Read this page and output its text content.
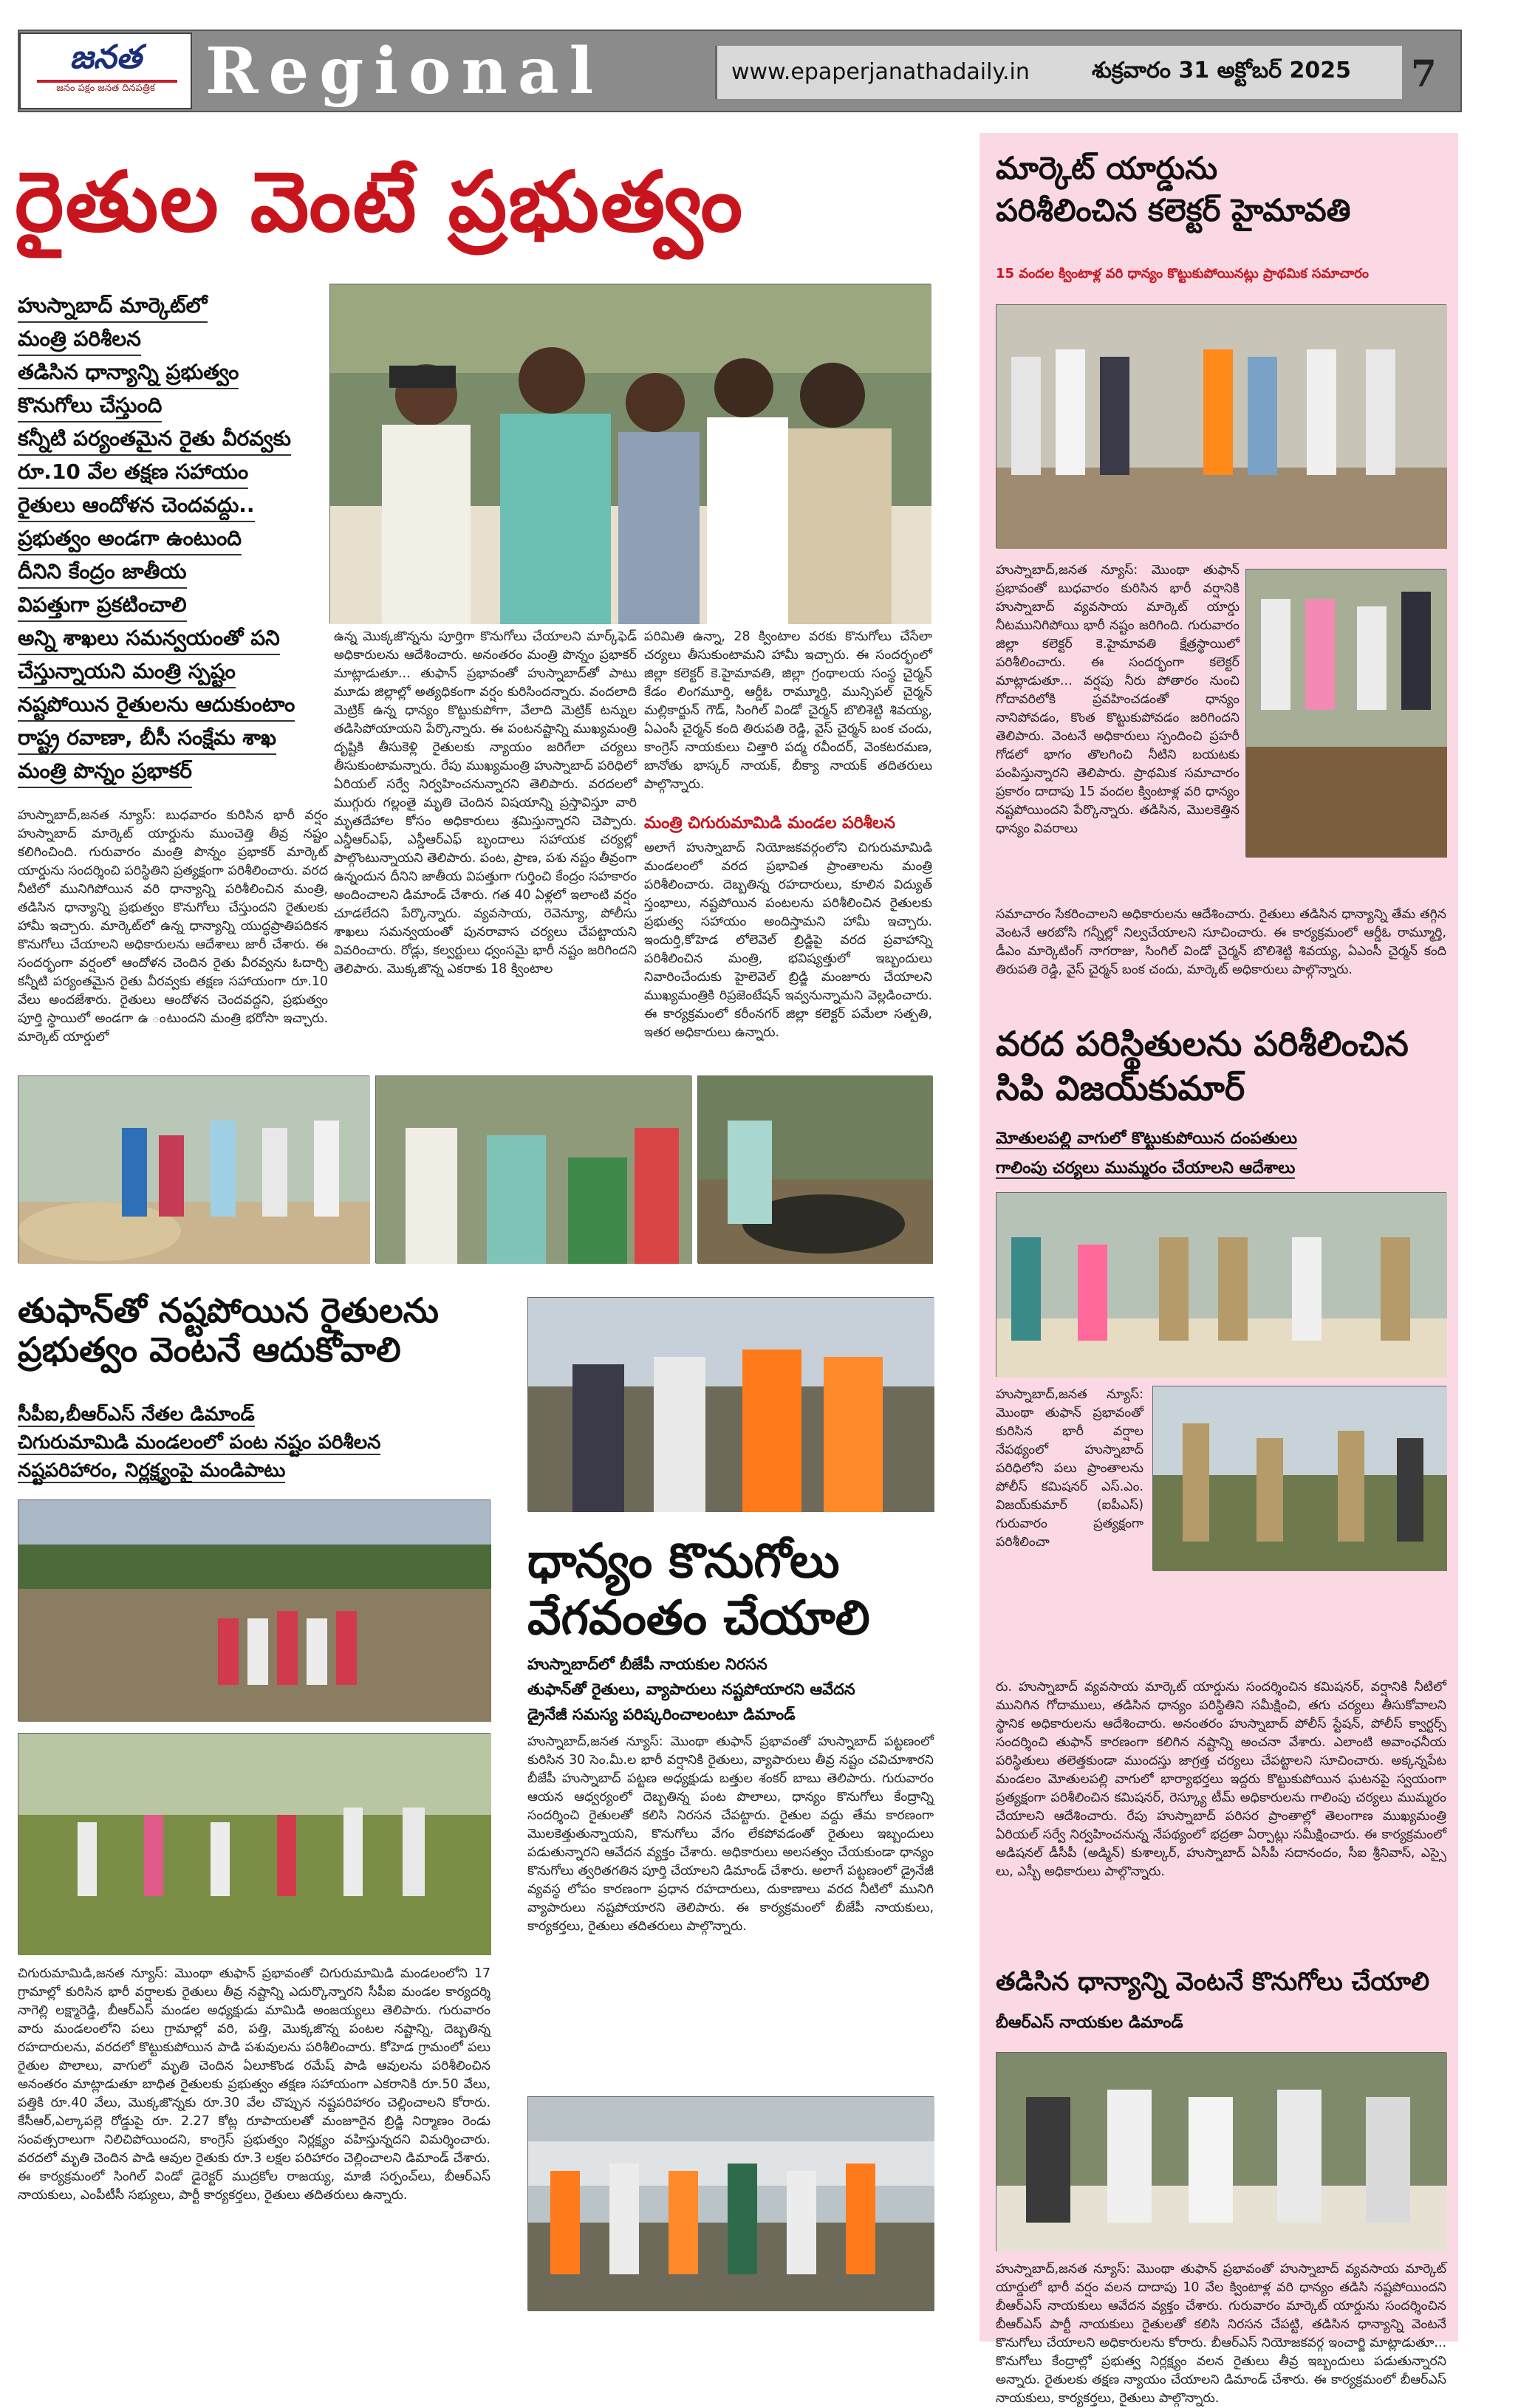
జనత
జనం పక్షం జనత దినపత్రిక Regional	www.epaperjanathadaily.in	శుక్రవారం 31 అక్టోబర్ 2025 7
రైతుల వెంటే ప్రభుత్వం
హుస్నాబాద్ మార్కెట్‌లో
మంత్రి పరిశీలన
తడిసిన ధాన్యాన్ని ప్రభుత్వం
కొనుగోలు చేస్తుంది
కన్నీటి పర్యంతమైన రైతు వీరవ్వకు
రూ.10 వేల తక్షణ సహాయం
రైతులు ఆందోళన చెందవద్దు..
ప్రభుత్వం అండగా ఉంటుంది
దీనిని కేంద్రం జాతీయ
విపత్తుగా ప్రకటించాలి
అన్ని శాఖలు సమన్వయంతో పని
చేస్తున్నాయని మంత్రి స్పష్టం
నష్టపోయిన రైతులను ఆదుకుంటాం
రాష్ట్ర రవాణా, బీసీ సంక్షేమ శాఖ
మంత్రి పొన్నం ప్రభాకర్
హుస్నాబాద్,జనత న్యూస్: బుధవారం కురిసిన భారీ వర్షం హుస్నాబాద్ మార్కెట్ యార్డును ముంచెత్తి తీవ్ర నష్టం కలిగించింది. గురువారం మంత్రి పొన్నం ప్రభాకర్ మార్కెట్ యార్డును సందర్శించి పరిస్థితిని ప్రత్యక్షంగా పరిశీలించారు. వరద నీటిలో మునిగిపోయిన వరి ధాన్యాన్ని పరిశీలించిన మంత్రి, తడిసిన ధాన్యాన్ని ప్రభుత్వం కొనుగోలు చేస్తుందని రైతులకు హామీ ఇచ్చారు. మార్కెట్‌లో ఉన్న ధాన్యాన్ని యుద్ధప్రాతిపదికన కొనుగోలు చేయాలని అధికారులను ఆదేశాలు జారీ చేశారు. ఈ సందర్భంగా వర్షంలో ఆందోళన చెందిన రైతు వీరవ్వను ఓదార్చి కన్నీటి పర్యంతమైన రైతు వీరవ్వకు తక్షణ సహాయంగా రూ.10 వేలు అందజేశారు. రైతులు ఆందోళన చెందవద్దని, ప్రభుత్వం పూర్తి స్థాయిలో అండగా ఉ ంటుందని మంత్రి భరోసా ఇచ్చారు. మార్కెట్ యార్డులో
ఉన్న మొక్కజొన్నను పూర్తిగా కొనుగోలు చేయాలని మార్క్‌ఫెడ్ అధికారులను ఆదేశించారు. అనంతరం మంత్రి పొన్నం ప్రభాకర్ మాట్లాడుతూ... తుఫాన్ ప్రభావంతో హుస్నాబాద్‌తో పాటు మూడు జిల్లాల్లో అత్యధికంగా వర్షం కురిసిందన్నారు. వందలాది మెట్రిక్ ఉన్న ధాన్యం కొట్టుకుపోగా, వేలాది మెట్రిక్ టన్నుల తడిసిపోయాయని పేర్కొన్నారు. ఈ పంటనష్టాన్ని ముఖ్యమంత్రి దృష్టికి తీసుకెళ్లి రైతులకు న్యాయం జరిగేలా చర్యలు తీసుకుంటామన్నారు. రేపు ముఖ్యమంత్రి హుస్నాబాద్ పరిధిలో ఏరియల్ సర్వే నిర్వహించనున్నారని తెలిపారు. వరదలలో ముగ్గురు గల్లంతై మృతి చెందిన విషయాన్ని ప్రస్తావిస్తూ వారి మృతదేహాల కోసం అధికారులు శ్రమిస్తున్నారని చెప్పారు. ఎన్డీఆర్ఎఫ్, ఎస్డీఆర్ఎఫ్ బృందాలు సహాయక చర్యల్లో పాల్గొంటున్నాయని తెలిపారు. పంట, ప్రాణ, పశు నష్టం తీవ్రంగా ఉన్నందున దీనిని జాతీయ విపత్తుగా గుర్తించి కేంద్రం సహకారం అందించాలని డిమాండ్ చేశారు. గత 40 ఏళ్లలో ఇలాంటి వర్షం చూడలేదని పేర్కొన్నారు. వ్యవసాయ, రెవెన్యూ, పోలీసు శాఖలు సమన్వయంతో పునరావాస చర్యలు చేపట్టాయని వివరించారు. రోడ్లు, కల్వర్టులు ధ్వంసమై భారీ నష్టం జరిగిందని తెలిపారు. మొక్కజొన్న ఎకరాకు 18 క్వింటాల
పరిమితి ఉన్నా, 28 క్వింటాల వరకు కొనుగోలు చేసేలా చర్యలు తీసుకుంటామని హామీ ఇచ్చారు. ఈ సందర్భంలో జిల్లా కలెక్టర్ కె.హైమావతి, జిల్లా గ్రంథాలయ సంస్థ చైర్మన్ కేడం లింగమూర్తి, ఆర్డీఓ రామ్మూర్తి, మున్సిపల్ చైర్మన్ మల్లికార్జున్ గౌడ్, సింగిల్ విండో చైర్మన్ బొలిశెట్టి శివయ్య, ఏఎంసీ చైర్మన్ కంది తిరుపతి రెడ్డి, వైస్ చైర్మన్ బంక చందు, కాంగ్రెస్ నాయకులు చిత్తారి పద్మ రవీందర్, వెంకటరమణ, బానోతు భాస్కర్ నాయక్, బీక్యా నాయక్ తదితరులు పాల్గొన్నారు.
మంత్రి చిగురుమామిడి మండల పరిశీలన
అలాగే హుస్నాబాద్ నియోజకవర్గంలోని చిగురుమామిడి మండలంలో వరద ప్రభావిత ప్రాంతాలను మంత్రి పరిశీలించారు. దెబ్బతిన్న రహదారులు, కూలిన విద్యుత్ స్తంభాలు, నష్టపోయిన పంటలను పరిశీలించిన రైతులకు ప్రభుత్వ సహాయం అందిస్తామని హామీ ఇచ్చారు. ఇందుర్తి,కోహెడ లోలెవెల్ బ్రిడ్జిపై వరద ప్రవాహాన్ని పరిశీలించిన మంత్రి, భవిష్యత్తులో ఇబ్బందులు నివారించేందుకు హైలెవెల్ బ్రిడ్జి మంజూరు చేయాలని ముఖ్యమంత్రికి రిప్రజెంటేషన్ ఇవ్వనున్నామని వెల్లడించారు. ఈ కార్యక్రమంలో కరీంనగర్ జిల్లా కలెక్టర్ పమేలా సత్పతి, ఇతర అధికారులు ఉన్నారు.
తుఫాన్‌తో నష్టపోయిన రైతులను
ప్రభుత్వం వెంటనే ఆదుకోవాలి
సీపీఐ,బీఆర్ఎస్ నేతల డిమాండ్
చిగురుమామిడి మండలంలో పంట నష్టం పరిశీలన
నష్టపరిహారం, నిర్లక్ష్యంపై మండిపాటు
చిగురుమామిడి,జనత న్యూస్: మొంథా తుఫాన్ ప్రభావంతో చిగురుమామిడి మండలంలోని 17 గ్రామాల్లో కురిసిన భారీ వర్షాలకు రైతులు తీవ్ర నష్టాన్ని ఎదుర్కొన్నారని సీపీఐ మండల కార్యదర్శి నాగెల్లి లక్ష్మారెడ్డి, బీఆర్ఎస్ మండల అధ్యక్షుడు మామిడి అంజయ్యలు తెలిపారు. గురువారం వారు మండలంలోని పలు గ్రామాల్లో వరి, పత్తి, మొక్కజొన్న పంటల నష్టాన్ని, దెబ్బతిన్న రహదారులను, వరదలో కొట్టుకుపోయిన పాడి పశువులను పరిశీలించారు. కోహెడ గ్రామంలో పలు రైతుల పొలాలు, వాగులో మృతి చెందిన ఏలూకొండ రమేష్ పాడి ఆవులను పరిశీలించిన అనంతరం మాట్లాడుతూ బాధిత రైతులకు ప్రభుత్వం తక్షణ సహాయంగా ఎకరానికి రూ.50 వేలు, పత్తికి రూ.40 వేలు, మొక్కజొన్నకు రూ.30 వేల చొప్పున నష్టపరిహారం చెల్లించాలని కోరారు. కేసీఆర్,ఎల్కాపల్లె రోడ్డుపై రూ. 2.27 కోట్ల రూపాయలతో మంజూరైన బ్రిడ్జి నిర్మాణం రెండు సంవత్సరాలుగా నిలిచిపోయిందని, కాంగ్రెస్ ప్రభుత్వం నిర్లక్ష్యం వహిస్తున్నదని విమర్శించారు. వరదలో మృతి చెందిన పాడి ఆవుల రైతుకు రూ.3 లక్షల పరిహారం చెల్లించాలని డిమాండ్ చేశారు. ఈ కార్యక్రమంలో సింగిల్ విండో డైరెక్టర్ ముద్రకోల రాజయ్య, మాజీ సర్పంచ్‌లు, బీఆర్ఎస్ నాయకులు, ఎంపీటీసీ సభ్యులు, పార్టీ కార్యకర్తలు, రైతులు తదితరులు ఉన్నారు.
ధాన్యం కొనుగోలు
వేగవంతం చేయాలి
హుస్నాబాద్‌లో బీజేపీ నాయకుల నిరసన
తుఫాన్‌తో రైతులు, వ్యాపారులు నష్టపోయారని ఆవేదన
డ్రైనేజీ సమస్య పరిష్కరించాలంటూ డిమాండ్
హుస్నాబాద్,జనత న్యూస్: మొంథా తుఫాన్ ప్రభావంతో హుస్నాబాద్ పట్టణంలో కురిసిన 30 సెం.మీ.ల భారీ వర్షానికి రైతులు, వ్యాపారులు తీవ్ర నష్టం చవిచూశారని బీజేపీ హుస్నాబాద్ పట్టణ అధ్యక్షుడు బత్తుల శంకర్ బాబు తెలిపారు. గురువారం ఆయన ఆధ్వర్యంలో దెబ్బతిన్న పంట పొలాలు, ధాన్యం కొనుగోలు కేంద్రాన్ని సందర్శించి రైతులతో కలిసి నిరసన చేపట్టారు. రైతుల వద్దు తేమ కారణంగా మొలకెత్తుతున్నాయని, కొనుగోలు వేగం లేకపోవడంతో రైతులు ఇబ్బందులు పడుతున్నారని ఆవేదన వ్యక్తం చేశారు. అధికారులు అలసత్వం చేయకుండా ధాన్యం కొనుగోలు త్వరితగతిన పూర్తి చేయాలని డిమాండ్ చేశారు. అలాగే పట్టణంలో డ్రైనేజీ వ్యవస్థ లోపం కారణంగా ప్రధాన రహదారులు, దుకాణాలు వరద నీటిలో మునిగి వ్యాపారులు నష్టపోయారని తెలిపారు. ఈ కార్యక్రమంలో బీజేపీ నాయకులు, కార్యకర్తలు, రైతులు తదితరులు పాల్గొన్నారు.
మార్కెట్ యార్డును
పరిశీలించిన కలెక్టర్ హైమావతి
15 వందల క్వింటాళ్ల వరి ధాన్యం కొట్టుకుపోయినట్లు ప్రాథమిక సమాచారం
హుస్నాబాద్,జనత న్యూస్: మొంథా తుఫాన్ ప్రభావంతో బుధవారం కురిసిన భారీ వర్షానికి హుస్నాబాద్ వ్యవసాయ మార్కెట్ యార్డు నీటమునిగిపోయి భారీ నష్టం జరిగింది. గురువారం జిల్లా కలెక్టర్ కె.హైమావతి క్షేత్రస్థాయిలో పరిశీలించారు. ఈ సందర్భంగా కలెక్టర్ మాట్లాడుతూ... వర్షపు నీరు పోతారం నుంచి గోదావరిలోకి ప్రవహించడంతో ధాన్యం నానిపోవడం, కొంత కొట్టుకుపోవడం జరిగిందని తెలిపారు. వెంటనే అధికారులు స్పందించి ప్రహరీ గోడలో భాగం తొలగించి నీటిని బయటకు పంపిస్తున్నారని తెలిపారు. ప్రాథమిక సమాచారం ప్రకారం దాదాపు 15 వందల క్వింటాళ్ల వరి ధాన్యం నష్టపోయిందని పేర్కొన్నారు. తడిసిన, మొలకెత్తిన ధాన్యం వివరాలు
సమాచారం సేకరించాలని అధికారులను ఆదేశించారు. రైతులు తడిసిన ధాన్యాన్ని తేమ తగ్గిన వెంటనే ఆరబోసి గన్నీల్లో నిల్వచేయాలని సూచించారు. ఈ కార్యక్రమంలో ఆర్డీఓ రామ్మూర్తి, డీఎం మార్కెటింగ్ నాగరాజు, సింగిల్ విండో చైర్మన్ బొలిశెట్టి శివయ్య, ఏఎంసీ చైర్మన్ కంది తిరుపతి రెడ్డి, వైస్ చైర్మన్ బంక చందు, మార్కెట్ అధికారులు పాల్గొన్నారు.
వరద పరిస్థితులను పరిశీలించిన
సిపి విజయ్‌కుమార్
మోతులపల్లి వాగులో కొట్టుకుపోయిన దంపతులు
గాలింపు చర్యలు ముమ్మరం చేయాలని ఆదేశాలు
హుస్నాబాద్,జనత న్యూస్: మొంథా తుఫాన్ ప్రభావంతో కురిసిన భారీ వర్షాల నేపథ్యంలో హుస్నాబాద్ పరిధిలోని పలు ప్రాంతాలను పోలీస్ కమిషనర్ ఎస్.ఎం. విజయ్‌కుమార్ (ఐపీఎస్) గురువారం ప్రత్యక్షంగా పరిశీలించా
రు. హుస్నాబాద్ వ్యవసాయ మార్కెట్ యార్డును సందర్శించిన కమిషనర్, వర్షానికి నీటిలో మునిగిన గోదాములు, తడిసిన ధాన్యం పరిస్థితిని సమీక్షించి, తగు చర్యలు తీసుకోవాలని స్థానిక అధికారులను ఆదేశించారు. అనంతరం హుస్నాబాద్ పోలీస్ స్టేషన్, పోలీస్ క్వార్టర్స్ సందర్శించి తుఫాన్ కారణంగా కలిగిన నష్టాన్ని అంచనా వేశారు. ఎలాంటి అవాంఛనీయ పరిస్థితులు తలెత్తకుండా ముందస్తు జాగ్రత్త చర్యలు చేపట్టాలని సూచించారు. అక్కన్నపేట మండలం మోతులపల్లి వాగులో భార్యాభర్తలు ఇద్దరు కొట్టుకుపోయిన ఘటనపై స్వయంగా ప్రత్యక్షంగా పరిశీలించిన కమిషనర్, రెస్క్యూ టీమ్ అధికారులను గాలింపు చర్యలు ముమ్మరం చేయాలని ఆదేశించారు. రేపు హుస్నాబాద్ పరిసర ప్రాంతాల్లో తెలంగాణ ముఖ్యమంత్రి ఏరియల్ సర్వే నిర్వహించనున్న నేపథ్యంలో భద్రతా ఏర్పాట్లు సమీక్షించారు. ఈ కార్యక్రమంలో అడిషనల్ డీసీపీ (అడ్మిన్) కుశాల్కర్, హుస్నాబాద్ ఏసీపీ సదానందం, సీఐ శ్రీనివాస్, ఎస్సై లు, ఎస్బీ అధికారులు పాల్గొన్నారు.
తడిసిన ధాన్యాన్ని వెంటనే కొనుగోలు చేయాలి
బీఆర్ఎస్ నాయకుల డిమాండ్
హుస్నాబాద్,జనత న్యూస్: మొంథా తుఫాన్ ప్రభావంతో హుస్నాబాద్ వ్యవసాయ మార్కెట్ యార్డులో భారీ వర్షం వలన దాదాపు 10 వేల క్వింటాళ్ల వరి ధాన్యం తడిసి నష్టపోయిందని బీఆర్ఎస్ నాయకులు ఆవేదన వ్యక్తం చేశారు. గురువారం మార్కెట్ యార్డును సందర్శించిన బీఆర్ఎస్ పార్టీ నాయకులు రైతులతో కలిసి నిరసన చేపట్టి, తడిసిన ధాన్యాన్ని వెంటనే కొనుగోలు చేయాలని అధికారులను కోరారు. బీఆర్ఎస్ నియోజకవర్గ ఇంచార్జి మాట్లాడుతూ... కొనుగోలు కేంద్రాల్లో ప్రభుత్వ నిర్లక్ష్యం వలన రైతులు తీవ్ర ఇబ్బందులు పడుతున్నారని అన్నారు. రైతులకు తక్షణ న్యాయం చేయాలని డిమాండ్ చేశారు. ఈ కార్యక్రమంలో బీఆర్ఎస్ నాయకులు, కార్యకర్తలు, రైతులు పాల్గొన్నారు.
